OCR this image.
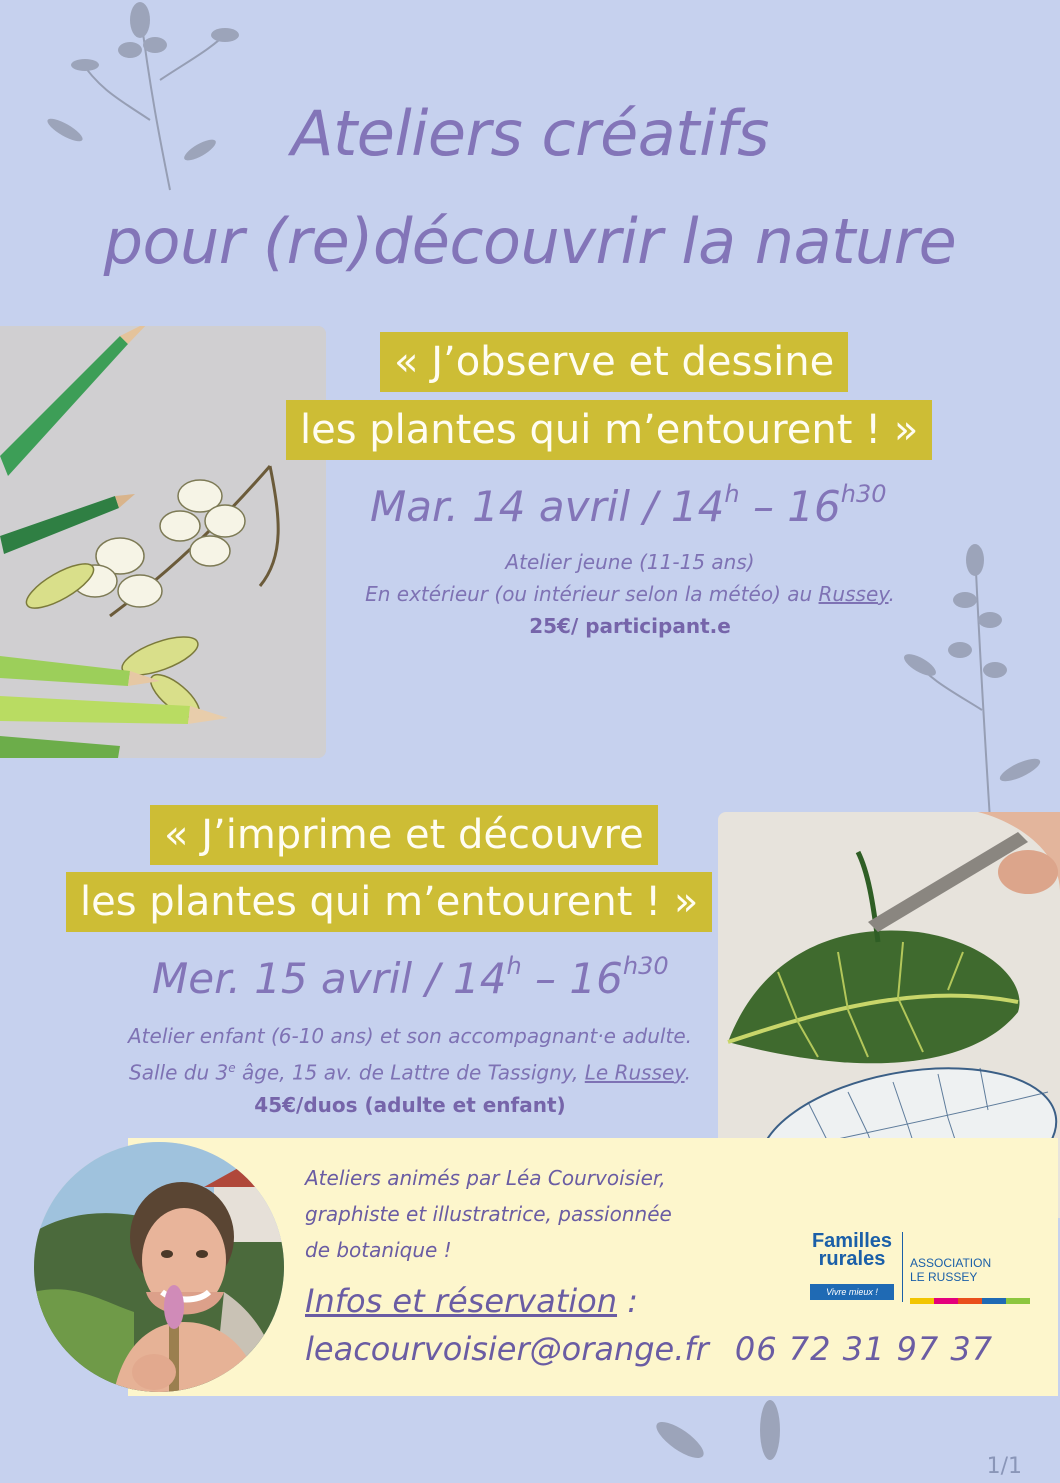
Ateliers créatifs
pour (re)découvrir la nature
« J’observe et dessine
les plantes qui m’entourent ! »
Mar. 14 avril / $14^h - 16^{h30}$
Atelier jeune (11-15 ans)
En extérieur (ou intérieur selon la météo) au Russey.
25€/ participant.e
« J’imprime et découvre
les plantes qui m’entourent ! »
Mer. 15 avril / $14^h - 16^{h30}$
Atelier enfant (6-10 ans) et son accompagnant·e adulte.
Salle du 3e âge, 15 av. de Lattre de Tassigny, Le Russey.
45€/duos (adulte et enfant)
Ateliers animés par Léa Courvoisier,
graphiste et illustratrice, passionnée
de botanique !
Infos et réservation :
leacourvoisier@orange.fr 06 72 31 97 37
Familles
rurales
Vivre mieux !
ASSOCIATION
LE RUSSEY
1/1
